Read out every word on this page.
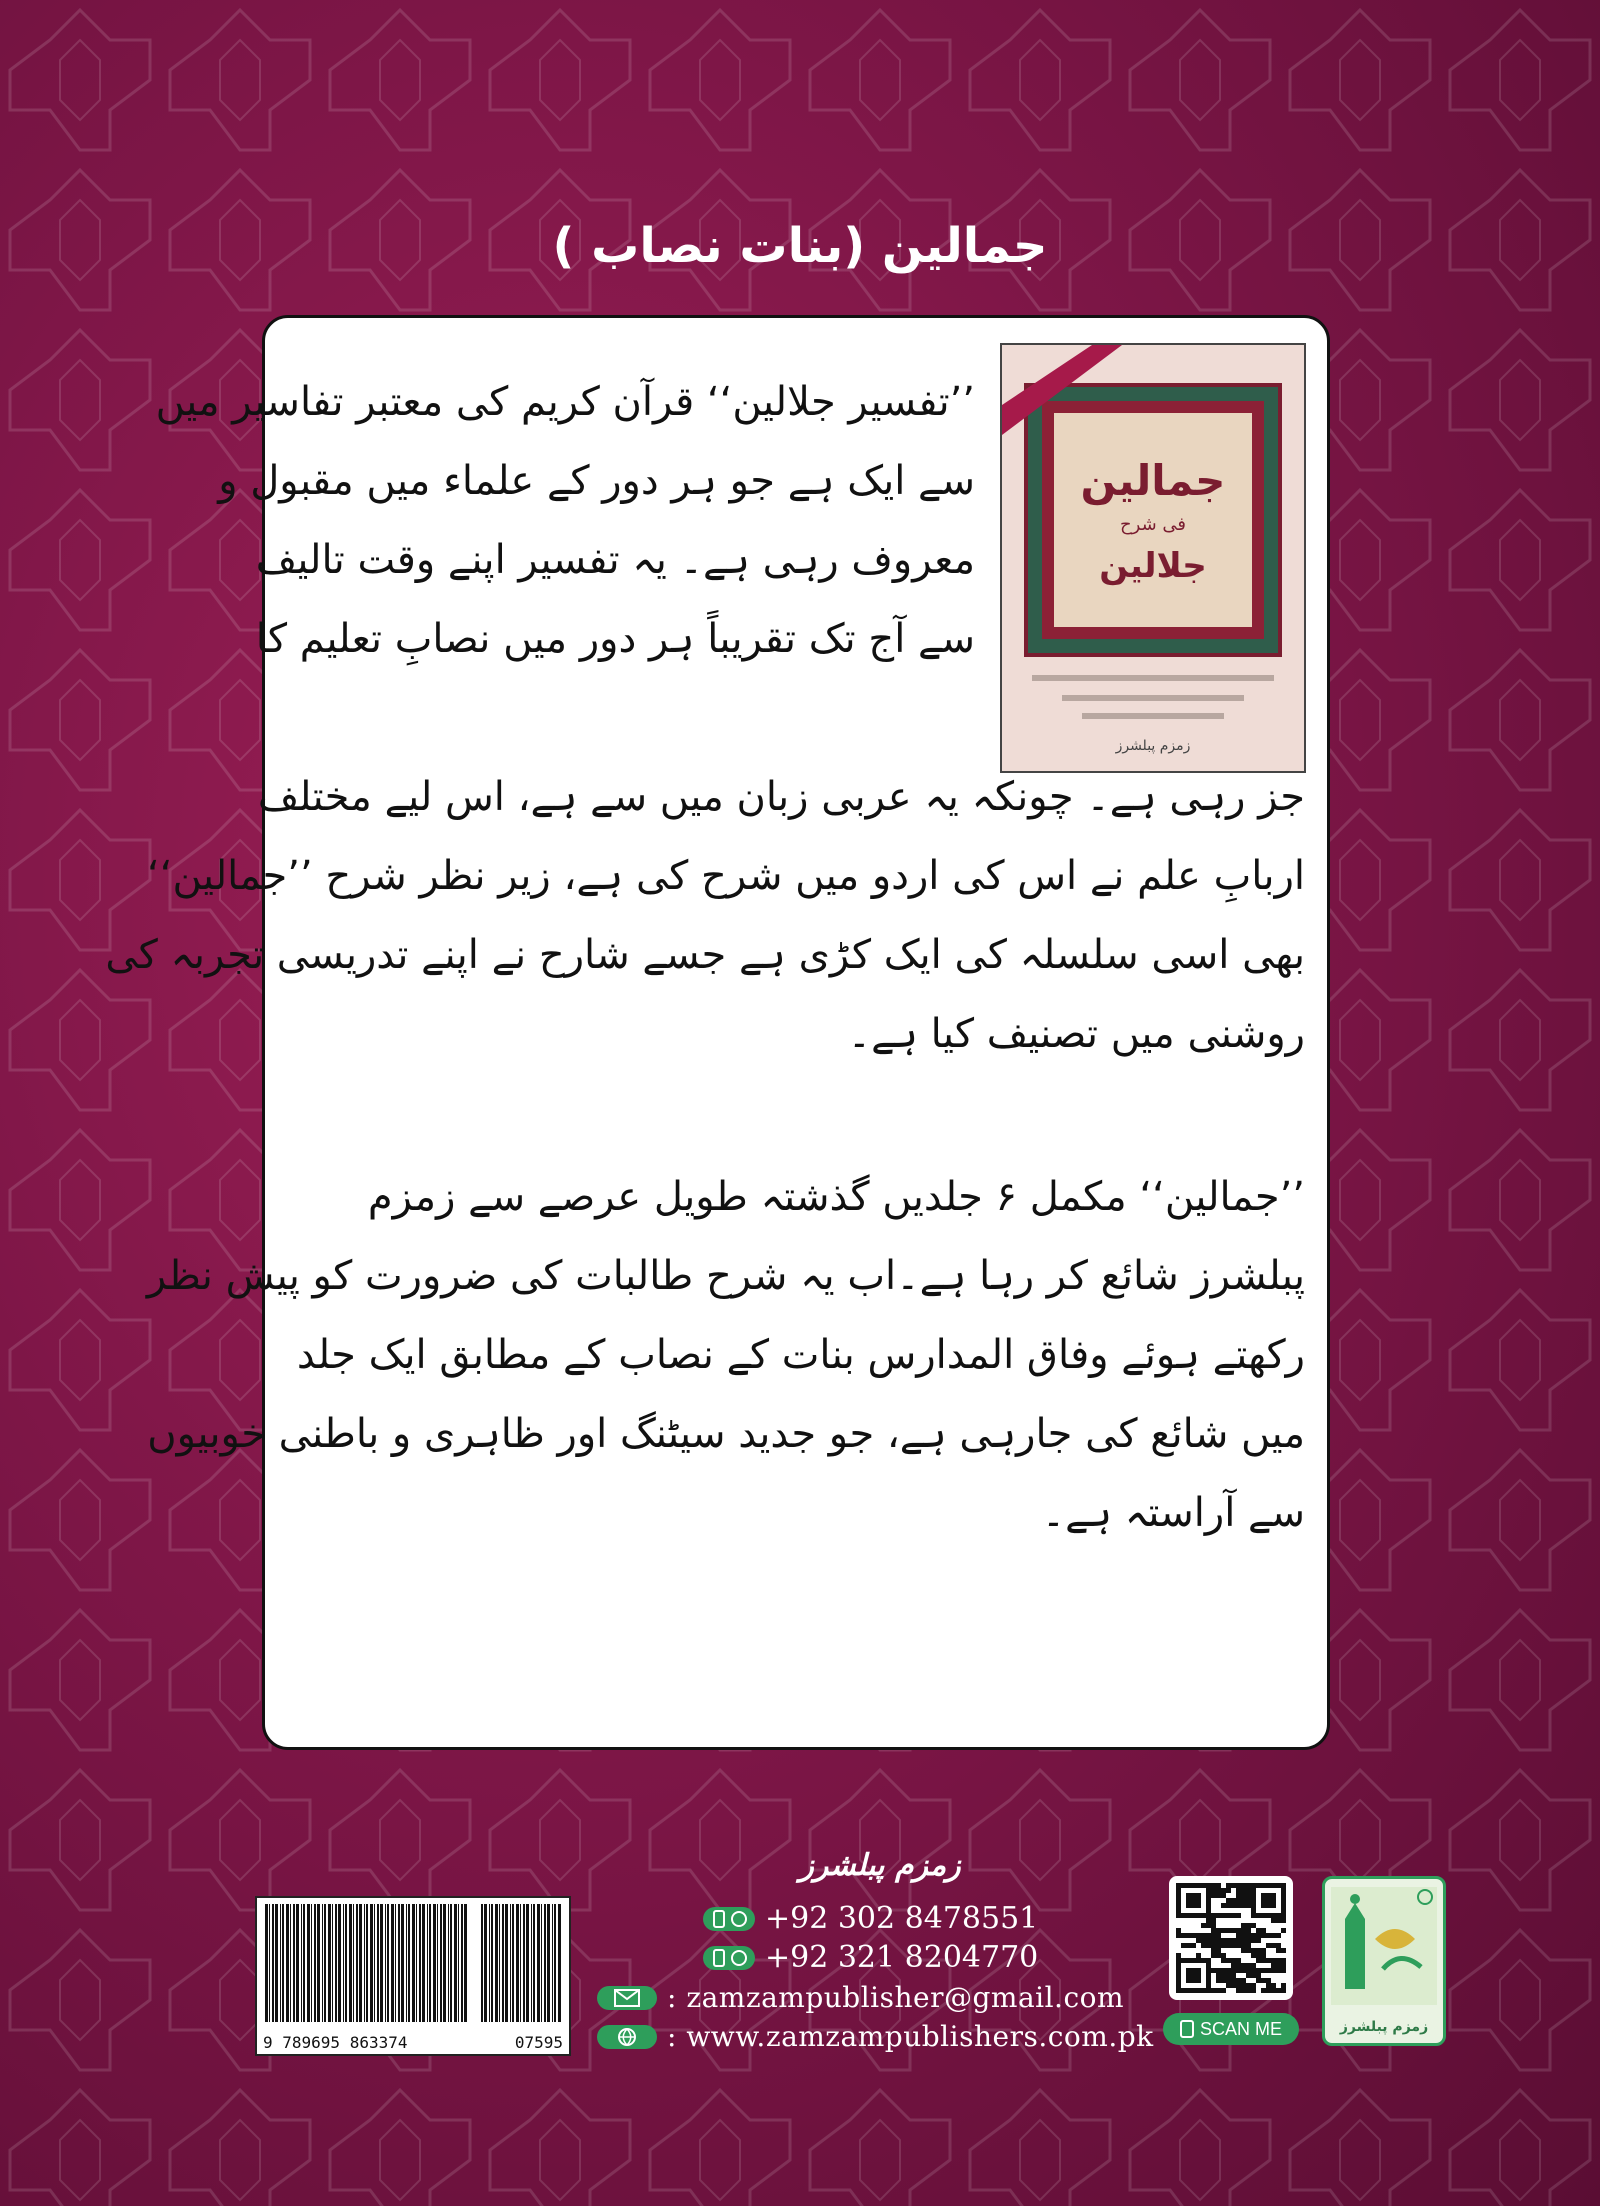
جمالین (بنات نصاب )
جمالین
فی شرح
جلالین
زمزم پبلشرز

’’تفسیر جلالین‘‘ قرآن کریم کی معتبر تفاسیر میں
سے ایک ہے جو ہر دور کے علماء میں مقبول و
معروف رہی ہے۔ یہ تفسیر اپنے وقت تالیف
سے آج تک تقریباً ہر دور میں نصابِ تعلیم کا

جز رہی ہے۔ چونکہ یہ عربی زبان میں سے ہے، اس لیے مختلف
اربابِ علم نے اس کی اردو میں شرح کی ہے، زیر نظر شرح ’’جمالین‘‘
بھی اسی سلسلہ کی ایک کڑی ہے جسے شارح نے اپنے تدریسی تجربہ کی
روشنی میں تصنیف کیا ہے۔

’’جمالین‘‘ مکمل ۶ جلدیں گذشتہ طویل عرصے سے زمزم
پبلشرز شائع کر رہا ہے۔اب یہ شرح طالبات کی ضرورت کو پیش نظر
رکھتے ہوئے وفاق المدارس بنات کے نصاب کے مطابق ایک جلد
میں شائع کی جارہی ہے، جو جدید سیٹنگ اور ظاہری و باطنی خوبیوں
سے آراستہ ہے۔

9 789695 863374	07595
زمزم پبلشرز
+92 302 8478551
+92 321 8204770
: zamzampublisher@gmail.com
: www.zamzampublishers.com.pk	SCAN ME	زمزم پبلشرز
